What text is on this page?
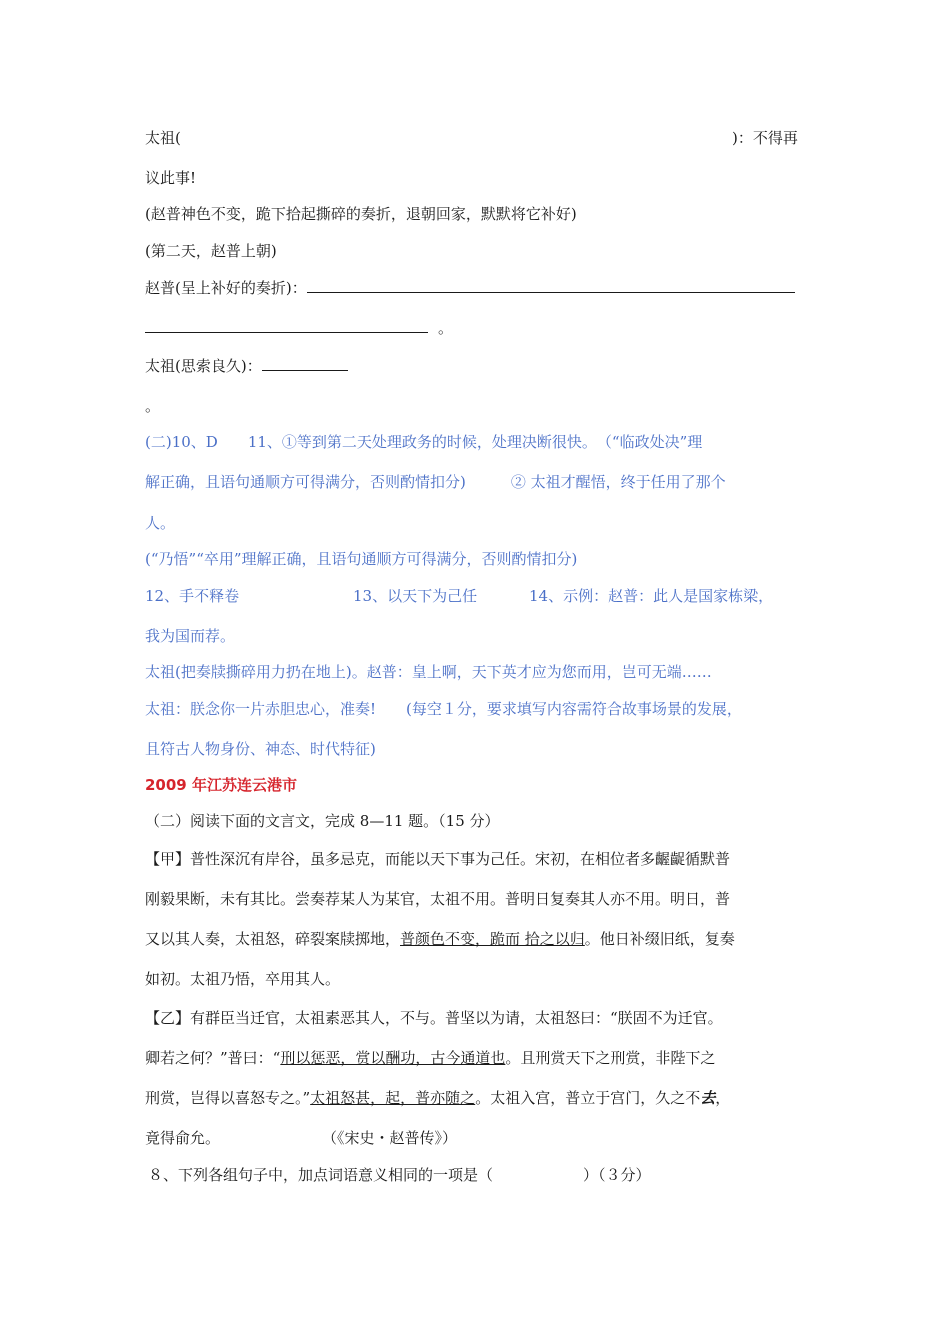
太祖(	)：不得再
议此事!
(赵普神色不变，跪下拾起撕碎的奏折，退朝回家，默默将它补好)
(第二天，赵普上朝)
赵普(呈上补好的奏折)：
。
太祖(思索良久)：
。
(二)10、D　　11、①等到第二天处理政务的时候，处理决断很快。　（“临政处决”理
解正确，且语句通顺方可得满分，否则酌情扣分)　　　② 太祖才醒悟，终于任用了那个
人。
(“乃悟”“卒用”理解正确，且语句通顺方可得满分，否则酌情扣分)
12、手不释卷	13、以天下为己任	14、示例：赵普：此人是国家栋梁，
我为国而荐。
太祖(把奏牍撕碎用力扔在地上)。赵普：皇上啊，天下英才应为您而用，岂可无端……
太祖：朕念你一片赤胆忠心，准奏!　　(每空１分，要求填写内容需符合故事场景的发展，
且符古人物身份、神态、时代特征)
2009 年江苏连云港市
（二）阅读下面的文言文，完成 8—11 题。（15 分）
【甲】普性深沉有岸谷，虽多忌克，而能以天下事为己任。宋初，在相位者多齷齪循默普
刚毅果断，未有其比。尝奏荐某人为某官，太祖不用。普明日复奏其人亦不用。明日，普
又以其人奏，太祖怒，碎裂案牍掷地，普颜色不变，跪而 拾之以归。他日补缀旧纸，复奏
如初。太祖乃悟，卒用其人。
【乙】有群臣当迁官，太祖素恶其人，不与。普坚以为请，太祖怒曰：“朕固不为迁官。
卿若之何？”普曰：“刑以惩恶，赏以酬功，古今通道也。且刑赏天下之刑赏，非陛下之
刑赏，岂得以喜怒专之。”太祖怒甚，起，普亦随之。太祖入宫，普立于宫门，久之不去，
竟得俞允。	（《宋史・赵普传》）
８、下列各组句子中，加点词语意义相同的一项是（	）（３分）
